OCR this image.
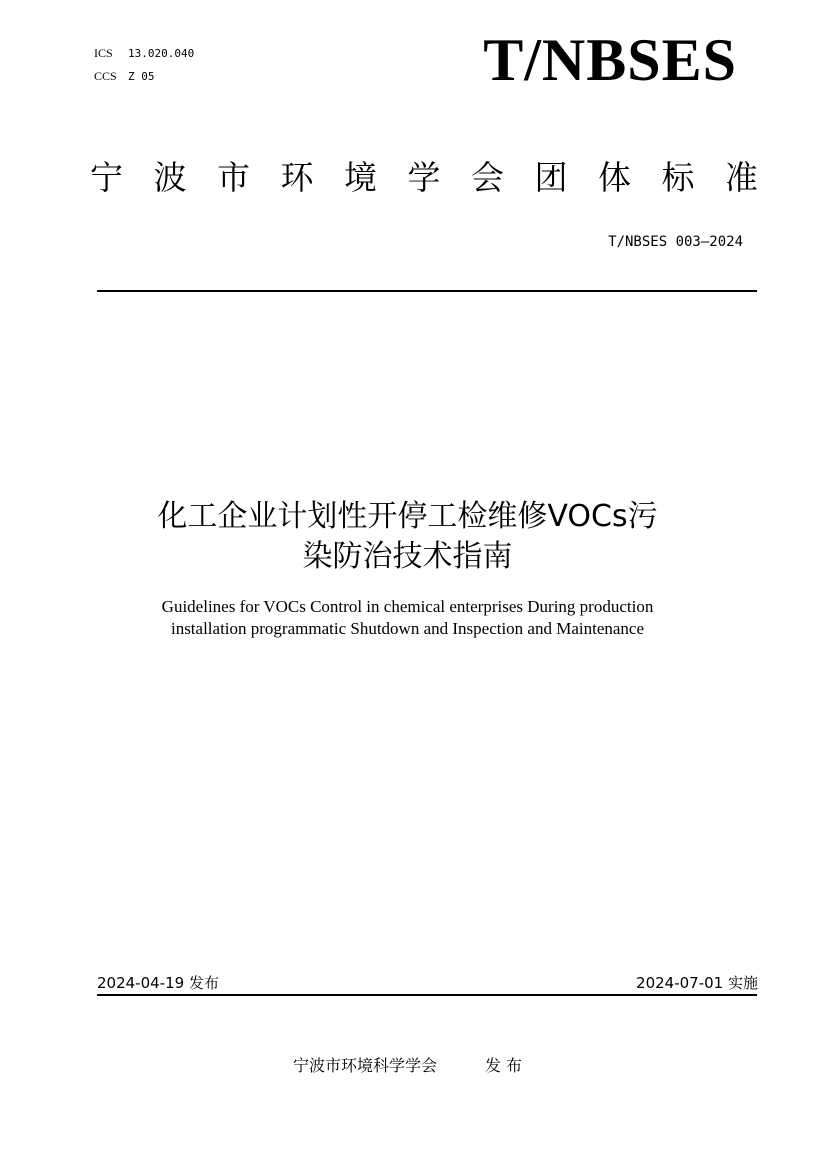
ICS 13.020.040
CCS Z 05	T/NBSES
宁 波 市 环 境 学 会 团 体 标 准
T/NBSES 003—2024
化工企业计划性开停工检维修VOCs污
染防治技术指南
Guidelines for VOCs Control in chemical enterprises During production
installation programmatic Shutdown and Inspection and Maintenance
2024-04-19 发布	2024-07-01 实施
宁波市环境科学学会	发 布
